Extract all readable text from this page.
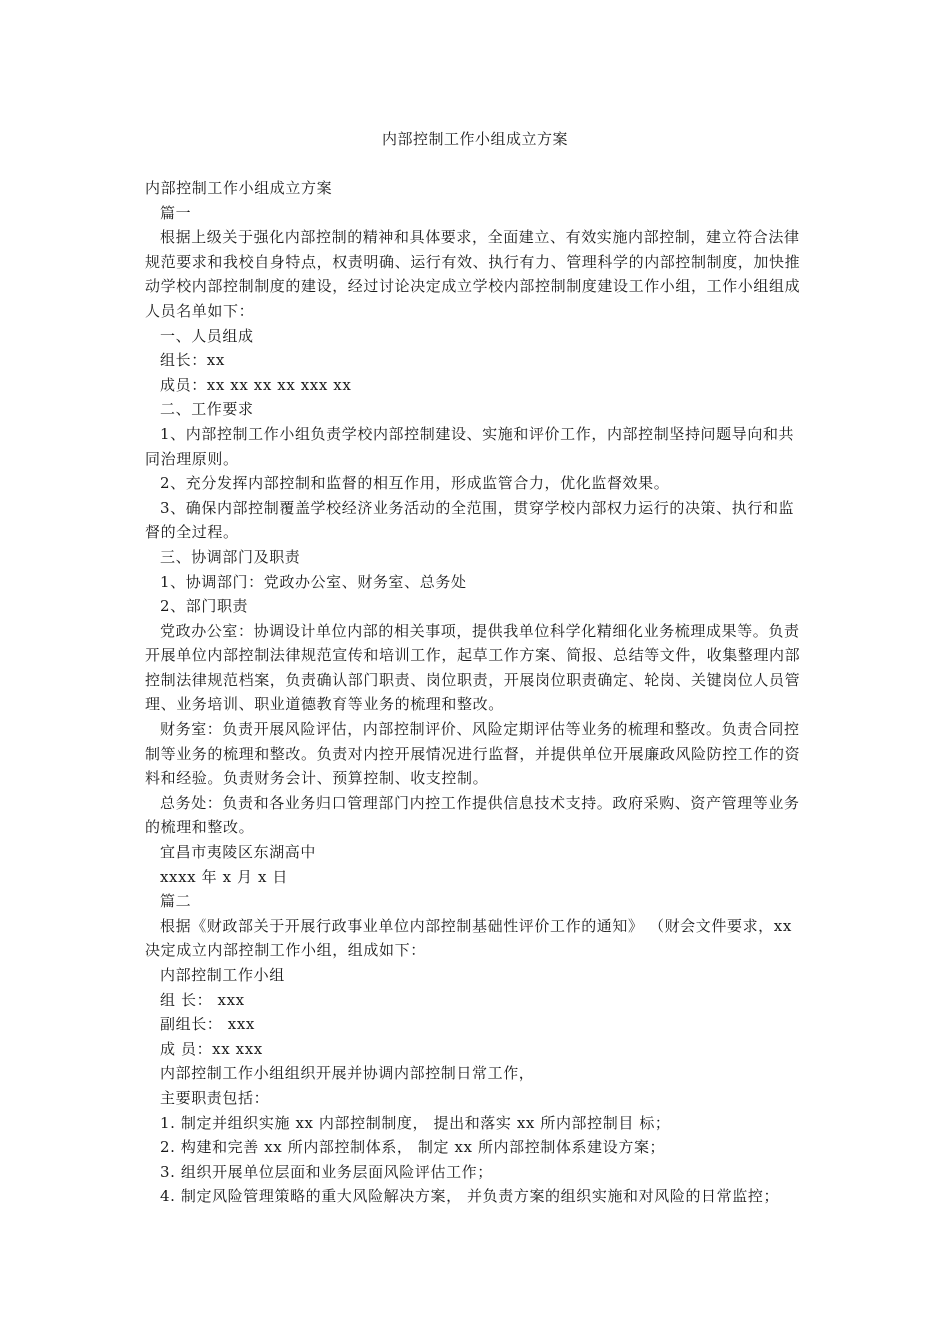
内部控制工作小组成立方案

内部控制工作小组成立方案

篇一

根据上级关于强化内部控制的精神和具体要求，全面建立、有效实施内部控制，建立符合法律规范要求和我校自身特点，权责明确、运行有效、执行有力、管理科学的内部控制制度，加快推动学校内部控制制度的建设，经过讨论决定成立学校内部控制制度建设工作小组，工作小组组成人员名单如下：

一、人员组成

组长：xx

成员：xx xx xx xx xxx xx

二、工作要求

1、内部控制工作小组负责学校内部控制建设、实施和评价工作，内部控制坚持问题导向和共同治理原则。

2、充分发挥内部控制和监督的相互作用，形成监管合力，优化监督效果。

3、确保内部控制覆盖学校经济业务活动的全范围，贯穿学校内部权力运行的决策、执行和监督的全过程。

三、协调部门及职责

1、协调部门：党政办公室、财务室、总务处

2、部门职责

党政办公室：协调设计单位内部的相关事项，提供我单位科学化精细化业务梳理成果等。负责开展单位内部控制法律规范宣传和培训工作，起草工作方案、简报、总结等文件，收集整理内部控制法律规范档案，负责确认部门职责、岗位职责，开展岗位职责确定、轮岗、关键岗位人员管理、业务培训、职业道德教育等业务的梳理和整改。

财务室：负责开展风险评估，内部控制评价、风险定期评估等业务的梳理和整改。负责合同控制等业务的梳理和整改。负责对内控开展情况进行监督，并提供单位开展廉政风险防控工作的资料和经验。负责财务会计、预算控制、收支控制。

总务处：负责和各业务归口管理部门内控工作提供信息技术支持。政府采购、资产管理等业务的梳理和整改。

宜昌市夷陵区东湖高中

xxxx 年 x 月 x 日

篇二

根据《财政部关于开展行政事业单位内部控制基础性评价工作的通知》 （财会文件要求，xx 决定成立内部控制工作小组，组成如下：

内部控制工作小组

组 长： xxx

副组长： xxx

成 员：xx xxx

内部控制工作小组组织开展并协调内部控制日常工作，

主要职责包括：

1. 制定并组织实施 xx 内部控制制度， 提出和落实 xx 所内部控制目 标；

2. 构建和完善 xx 所内部控制体系， 制定 xx 所内部控制体系建设方案；

3. 组织开展单位层面和业务层面风险评估工作；

4. 制定风险管理策略的重大风险解决方案， 并负责方案的组织实施和对风险的日常监控；
